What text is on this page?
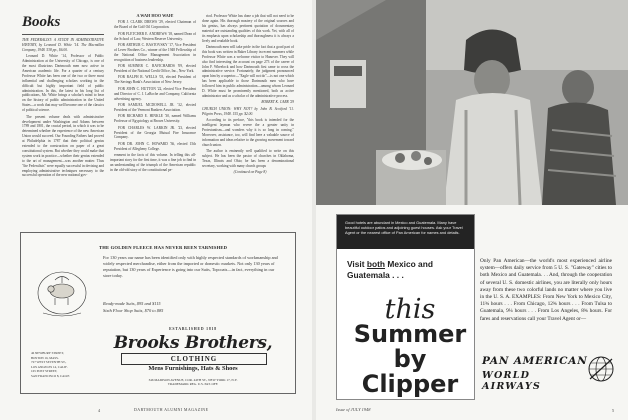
Books

THE FEDERALIST: A STUDY IN ADMINISTRATIVE HISTORY, by Leonard D. White '14. The Macmillan Company, 1948. 538 pp., $6.00.

Leonard D. White '14, Professor of Public Administration at the University of Chicago, is one of the most illustrious Dartmouth men now active in American academic life. For a quarter of a century Professor White has been one of the two or three most influential and challenging scholars working in the difficult but highly important field of public administration. In this, the latest in his long list of publications, Mr. White brings a scholar's mind to bear on the history of public administration in the United States—a work that may well become one of the classics of political science.

The present volume deals with administrative development under Washington and Adams between 1789 and 1801, the crucial period, in which it was to be determined whether the experience of the new American Union would succeed. Our Founding Fathers had proved at Philadelphia in 1787 that their political genius extended to the construction on paper of a great constitutional system. But whether they could make that system work in practice—whether their genius extended to the art of management—was another matter. Thus "the Federalists" were equally successful in devising and employing administrative techniques necessary to the successful operation of the new national gov-

A WAH HOO WAH!

FOR J. CLARK DREWS '29, elected Chairman of the Board of the Golf Oil Corporation.

FOR FLETCHER E. ANDREWS '18, named Dean of the School of Law, Western Reserve University.

FOR ARTHUR C. BASTOVSKY '17, Vice President of Lever Brothers Co., winner of the 1948 Fellowship of the National Office Management Association in recognition of business leadership.

FOR SUMNER C. RAVICHARDS '09, elected President of the National Credit Office, Inc., New York.

FOR RALPH R. WELLS '03, elected President of The Savings Bank's Association of New Jersey.

FOR JOHN C. HUTTON '22, elected Vice President and Director of C. J. LaRoche and Company, California advertising agency.

FOR SAMUEL MCDOWELL JR. '32, elected President of the Vermont Bankers Association.

FOR RICHARD E. HINKLE '30, named Williams Professor of Egyptology at Brown University.

FOR CHARLES W. LARKIN JR. '23, elected President of the Georgia Mutual Fire Insurance Company.

FOR DR. JOHN C. HOWARD '36, elected 15th President of Allegheny College.

ernment in the facts of this volume. In telling this all-important story for the first time, it was a fine job to find in an understanding of the triumph of the American republic in the old-old story of the constitutional pe-

riod. Professor White has done a job that will not need to be done again. His thorough mastery of the original sources and his genius, has always pertinent quotation of documentary material are outstanding qualities of this work. Yet, with all of its emphasis upon scholarship and thoroughness it is always a lively and readable book.

Dartmouth men will take pride in the fact that a good part of this book was written in Baker Library in recent summers while Professor White was a welcome visitor to Hanover. They will also find interesting the account on page 273 of the career of John F. Wheelock and how Dartmouth first came to cross the administrative service. Fortunately, the judgment pronounced upon him by a superior—"Eagle will not do"—is not one which has been applicable to those Dartmouth men who have followed him in public administration—among whom Leonard D. White must be prominently mentioned, both as active administrator and as a scholar of the administrative process.

ROBERT K. CARR '29

CHURCH UNION: WHY NOT? by John B. Scotford '11. Pilgrim Press, 1948. 155 pp. $2.00.

According to its preface, "this book is intended for the intelligent layman who revere the a greater unity in Protestantism—and wonders why it is so long in coming." Moreover, assistance, too, will find here a valuable source of information and ideas relative to the growing movement toward church union.

The author is eminently well qualified to write on this subject. He has been the pastor of churches in Oklahoma, Texas, Illinois and Ohio; he has been a denominational secretary, working with many church groups

(Continued on Page 8)

THE GOLDEN FLEECE HAS NEVER BEEN TARNISHED
For 130 years our name has been identified only with highly respected standards of workmanship and widely respected merchandise, either from the imported or domestic markets. Not only 130 years of reputation, but 130 years of Experience is going into our Suits, Topcoats—in fact, everything in our store today.
Ready-made Suits, $95 and $115
Sixth Floor Shop Suits, $70 to $85
ESTABLISHED 1818
Brooks Brothers,
CLOTHING
Mens Furnishings, Hats & Shoes
346 MADISON AVENUE, COR. 44TH ST., NEW YORK 17, N.Y.
TRADEMARK REG. U.S. PAT. OFF.
46 NEWBURY STREET,
BOSTON 16, MASS.
727 WEST SEVENTH ST.,
LOS ANGELES 14, CALIF.
165 POST STREET,
SAN FRANCISCO 8, CALIF.
4	DARTMOUTH ALUMNI MAGAZINE
Good hotels are abundant in Mexico and Guatemala. Many have beautiful outdoor patios and adjoining guest houses. Ask your Travel Agent or the nearest office of Pan American for names and details.
Visit both Mexico and
Guatemala . . .
this
Summer
by Clipper
Only Pan American—the world's most experienced airline system—offers daily service from 5 U. S. "Gateway" cities to both Mexico and Guatemala. . . And, through the cooperation of several U. S. domestic airlines, you are literally only hours away from these two colorful lands no matter where you live in the U. S. A. EXAMPLES: From New York to Mexico City, 11¾ hours . . . From Chicago, 12¾ hours . . . From Tulsa to Guatemala, 9¼ hours . . . From Los Angeles, 8¾ hours. For fares and reservations call your Travel Agent or—
PAN AMERICAN
WORLD AIRWAYS
Issue of JULY 1948	5
